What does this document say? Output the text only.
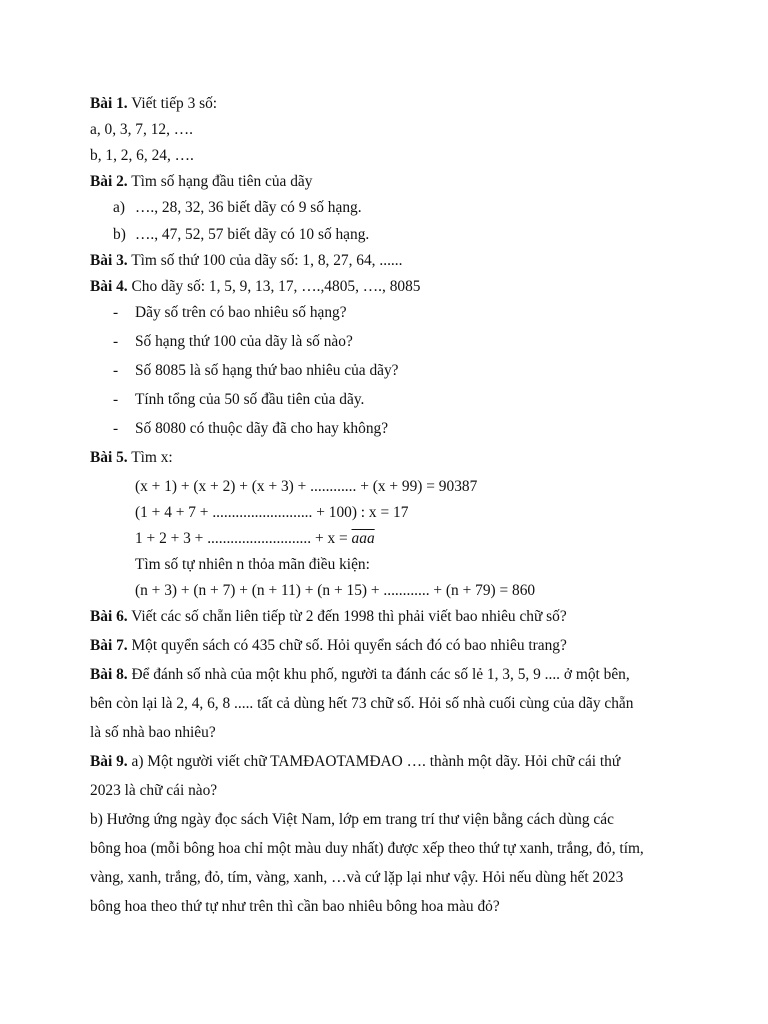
Bài 1. Viết tiếp 3 số:
a, 0, 3, 7, 12, ….
b, 1, 2, 6, 24, ….
Bài 2. Tìm số hạng đầu tiên của dãy
a) …., 28, 32, 36 biết dãy có 9 số hạng.
b) …., 47, 52, 57 biết dãy có 10 số hạng.
Bài 3. Tìm số thứ 100 của dãy số: 1, 8, 27, 64, ......
Bài 4. Cho dãy số: 1, 5, 9, 13, 17, ….,4805, …., 8085
- Dãy số trên có bao nhiêu số hạng?
- Số hạng thứ 100 của dãy là số nào?
- Số 8085 là số hạng thứ bao nhiêu của dãy?
- Tính tổng của 50 số đầu tiên của dãy.
- Số 8080 có thuộc dãy đã cho hay không?
Bài 5. Tìm x:
(x + 1) + (x + 2) + (x + 3) + ............ + (x + 99) = 90387
(1 + 4 + 7 + .......................... + 100) : x = 17
1 + 2 + 3 + ........................... + $x = \overline{aaa}$
Tìm số tự nhiên n thỏa mãn điều kiện:
(n + 3) + (n + 7) + (n + 11) + (n + 15) + ............ + (n + 79) = 860
Bài 6. Viết các số chẵn liên tiếp từ 2 đến 1998 thì phải viết bao nhiêu chữ số?
Bài 7. Một quyển sách có 435 chữ số. Hỏi quyển sách đó có bao nhiêu trang?
Bài 8. Để đánh số nhà của một khu phố, người ta đánh các số lẻ 1, 3, 5, 9 .... ở một bên,
bên còn lại là 2, 4, 6, 8 ..... tất cả dùng hết 73 chữ số. Hỏi số nhà cuối cùng của dãy chẵn
là số nhà bao nhiêu?
Bài 9. a) Một người viết chữ TAMĐAOTAMĐAO …. thành một dãy. Hỏi chữ cái thứ
2023 là chữ cái nào?
b) Hưởng ứng ngày đọc sách Việt Nam, lớp em trang trí thư viện bằng cách dùng các
bông hoa (mỗi bông hoa chỉ một màu duy nhất) được xếp theo thứ tự xanh, trắng, đỏ, tím,
vàng, xanh, trắng, đỏ, tím, vàng, xanh, …và cứ lặp lại như vậy. Hỏi nếu dùng hết 2023
bông hoa theo thứ tự như trên thì cần bao nhiêu bông hoa màu đỏ?
